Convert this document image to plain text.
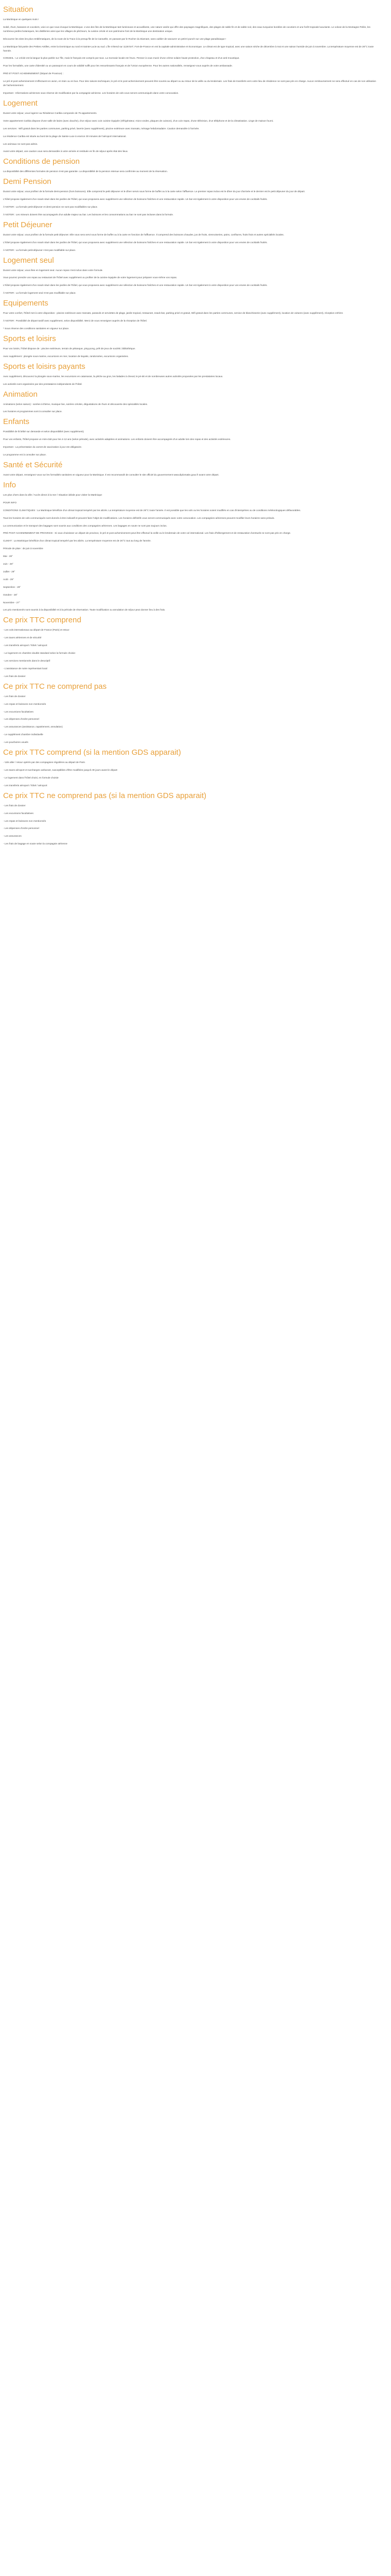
Situation

La Martinique en quelques mots !

Soleil, rhum, bananes et cocotiers, voici ce que nous évoque la Martinique. L'une des îles de la Martinique tant lumineuse et accueillante, une nature variée qui offre des paysages magnifiques, des plages de sable fin et de sable noir, des eaux turquoise bordées de cocotiers et une forêt tropicale luxuriante. Le volcan de la Montagne Pelée, les nombreux jardins botaniques, les distilleries ainsi que les villages de pêcheurs, la cuisine créole et son patrimoine font de la Martinique une destination unique.

Découvrez les sites les plus emblématiques, de la route de la Trace à la presqu'île de la Caravelle, en passant par le Rocher du Diamant, sans oublier de savourer un petit ti-punch sur une plage paradisiaque !

La Martinique fait partie des Petites Antilles, entre la Dominique au nord et Sainte-Lucie au sud. L'île s'étend sur 1128 km², Fort-de-France en est la capitale administrative et économique. Le climat est de type tropical, avec une saison sèche de décembre à mai et une saison humide de juin à novembre. La température moyenne est de 26°C toute l'année.

CONSEIL : Le créole est la langue la plus parlée sur l'île, mais le français est compris par tous. La monnaie locale est l'euro. Pensez à vous munir d'une crème solaire haute protection, d'un chapeau et d'un anti-moustique.

Pour les formalités, une carte d'identité ou un passeport en cours de validité suffit pour les ressortissants français et de l'Union européenne. Pour les autres nationalités, renseignez-vous auprès de votre ambassade.

PRÉ ET POST ACHEMINEMENT (Départ de Province) :

Le pré et post acheminement s'effectuent en avion, en train ou en bus. Pour des raisons techniques, le pré et le post acheminement peuvent être soumis au départ ou au retour de la veille ou du lendemain. Les frais de transferts vers votre lieu de résidence ne sont pas pris en charge. Aucun remboursement ne sera effectué en cas de non utilisation de l'acheminement.

Important : Informations aériennes sous réserve de modification par la compagnie aérienne. Les horaires de vols vous seront communiqués dans votre convocation.

Logement

Durant votre séjour, vous logerez au Résidence Caribia composée de 75 appartements.

Votre appartement Caribia dispose d'une salle de bains (avec douche), d'un séjour avec coin cuisine équipée (réfrigérateur, micro-ondes, plaques de cuisson), d'un coin repas, d'une télévision, d'un téléphone et de la climatisation. Linge de maison fourni.

Les services : Wifi gratuit dans les parties communes, parking privé, laverie (avec supplément), piscine extérieure avec transats, ménage hebdomadaire. Caution demandée à l'arrivée.

La résidence Caribia est située au bord de la plage de Sainte-Luce à environ 30 minutes de l'aéroport international.

Les animaux ne sont pas admis.

Avant votre départ, une caution vous sera demandée à votre arrivée et restituée en fin de séjour après état des lieux.

Conditions de pension

La disponibilité des différentes formules de pension n'est pas garantie. La disponibilité de la pension retenue sera confirmée au moment de la réservation.

Demi Pension

Durant votre séjour, vous profitez de la formule demi-pension (hors boissons). Elle comprend le petit déjeuner et le dîner servis sous forme de buffet ou à la carte selon l'affluence. Le premier repas inclus est le dîner du jour d'arrivée et le dernier est le petit déjeuner du jour de départ.

L'hôtel propose également d'un snack situé dans les jardins de l'hôtel, qui vous proposera avec supplément une sélection de boissons fraîches et une restauration rapide. Un bar est également à votre disposition pour vos envies de cocktails fruités.

À NOTER : La formule petit-déjeuner et demi-pension ne sont pas modifiables sur place.

À NOTER : Les mineurs doivent être accompagnés d'un adulte majeur au bar. Les boissons et les consommations au bar ne sont pas incluses dans la formule.

Petit Déjeuner

Durant votre séjour, vous profitez de la formule petit déjeuner. Elle vous sera servi sous forme de buffet ou à la carte en fonction de l'affluence. Il comprend des boissons chaudes, jus de fruits, viennoiseries, pains, confitures, fruits frais et autres spécialités locales.

L'hôtel propose également d'un snack situé dans les jardins de l'hôtel, qui vous proposera avec supplément une sélection de boissons fraîches et une restauration rapide. Un bar est également à votre disposition pour vos envies de cocktails fruités.

À NOTER : La formule petit-déjeuner n'est pas modifiable sur place.

Logement seul

Durant votre séjour, vous êtes en logement seul. Aucun repas n'est inclus dans votre formule.

Vous pourrez prendre vos repas au restaurant de l'hôtel avec supplément ou profiter de la cuisine équipée de votre logement pour préparer vous-même vos repas.

L'hôtel propose également d'un snack situé dans les jardins de l'hôtel, qui vous proposera avec supplément une sélection de boissons fraîches et une restauration rapide. Un bar est également à votre disposition pour vos envies de cocktails fruités.

À NOTER : La formule logement seul n'est pas modifiable sur place.

Equipements

Pour votre confort, l'hôtel met à votre disposition : piscine extérieure avec transats, parasols et serviettes de plage, jardin tropical, restaurant, snack-bar, parking privé et gratuit, Wifi gratuit dans les parties communes, service de blanchisserie (avec supplément), location de voitures (avec supplément), réception 24h/24.

À NOTER : Possibilité de départ tardif avec supplément, selon disponibilité. Merci de vous renseigner auprès de la réception de l'hôtel.

* Sous réserve des conditions sanitaires en vigueur sur place.

Sports et loisirs

Pour vos loisirs, l'hôtel dispose de : piscine extérieure, terrain de pétanque, ping-pong, prêt de jeux de société, bibliothèque.

Avec supplément : plongée sous-marine, excursions en mer, location de kayaks, randonnées, excursions organisées.

Sports et loisirs payants

Avec supplément, découvrez la plongée sous-marine, les excursions en catamaran, la pêche au gros, les balades à cheval, le jet-ski et de nombreuses autres activités proposées par les prestataires locaux.

Les activités sont organisées par des prestataires indépendants de l'hôtel.

Animation

Animations (selon saison) : soirées à thème, musique live, soirées créoles, dégustations de rhum et découverte des spécialités locales.

Les horaires et programmes sont à consulter sur place.

Enfants

Possibilité de lit bébé sur demande et selon disponibilité (avec supplément).

Pour vos enfants, l'hôtel propose un mini-club pour les 4-12 ans (selon période), avec activités adaptées et animations. Les enfants doivent être accompagnés d'un adulte lors des repas et des activités extérieures.

Important : La présentation du carnet de vaccination à jour est obligatoire.

Le programme est à consulter sur place.

Santé et Sécurité

Avant votre départ, renseignez-vous sur les formalités sanitaires en vigueur pour la Martinique. Il est recommandé de consulter le site officiel du gouvernement www.diplomatie.gouv.fr avant votre départ.

Info

Les plus chers dans la ville / Accès direct à la mer / Situation idéale pour visiter la Martinique

POUR INFO

CONDITIONS CLIMATIQUES : La Martinique bénéficie d'un climat tropical tempéré par les alizés. La température moyenne est de 26°C toute l'année. Il est possible que les vols ou les horaires soient modifiés en cas d'intempéries ou de conditions météorologiques défavorables.

Tous les horaires de vols communiqués sont donnés à titre indicatif et peuvent faire l'objet de modifications. Les horaires définitifs vous seront communiqués avec votre convocation. Les compagnies aériennes peuvent modifier leurs horaires sans préavis.

La communication et le transport des bagages sont soumis aux conditions des compagnies aériennes. Les bagages en soute ne sont pas toujours inclus.

PRÉ POST ACHEMINEMENT DE PROVINCE : Si vous choisissez un départ de province, le pré et post acheminement peut être effectué la veille ou le lendemain de votre vol international. Les frais d'hébergement et de restauration éventuels ne sont pas pris en charge.

CLIMAT : La Martinique bénéficie d'un climat tropical tempéré par les alizés. La température moyenne est de 26°C tout au long de l'année.

Période de pluie : de juin à novembre

Mai - 28°

Juin - 28°

Juillet - 29°

Août - 29°

Septembre - 29°

Octobre - 28°

Novembre - 27°

Les prix mentionnés sont soumis à la disponibilité et à la période de réservation. Toute modification ou annulation de séjour peut donner lieu à des frais.

Ce prix TTC comprend

- Les vols internationaux au départ de France (Paris) et retour

- Les taxes aériennes et de sécurité

- Les transferts aéroport / hôtel / aéroport

- Le logement en chambre double standard selon la formule choisie

- Les services mentionnés dans le descriptif

- L'assistance de notre représentant local

- Les frais de dossier

Ce prix TTC ne comprend pas

- Les frais de dossier

- Les repas et boissons non mentionnés

- Les excursions facultatives

- Les dépenses d'ordre personnel

- Les assurances (assistance, rapatriement, annulation)

- Le supplément chambre individuelle

- Les pourboires usuels

Ce prix TTC comprend (si la mention GDS apparait)

- Vols aller / retour opérés par des compagnies régulières au départ de Paris

- Les taxes aéroport et surcharges carburant, susceptibles d'être modifiées jusqu'à 30 jours avant le départ

- Le logement dans l'hôtel choisi, en formule choisie

- Les transferts aéroport / hôtel / aéroport

Ce prix TTC ne comprend pas (si la mention GDS apparait)

- Les frais de dossier

- Les excursions facultatives

- Les repas et boissons non mentionnés

- Les dépenses d'ordre personnel

- Les assurances

- Les frais de bagage en soute selon la compagnie aérienne
